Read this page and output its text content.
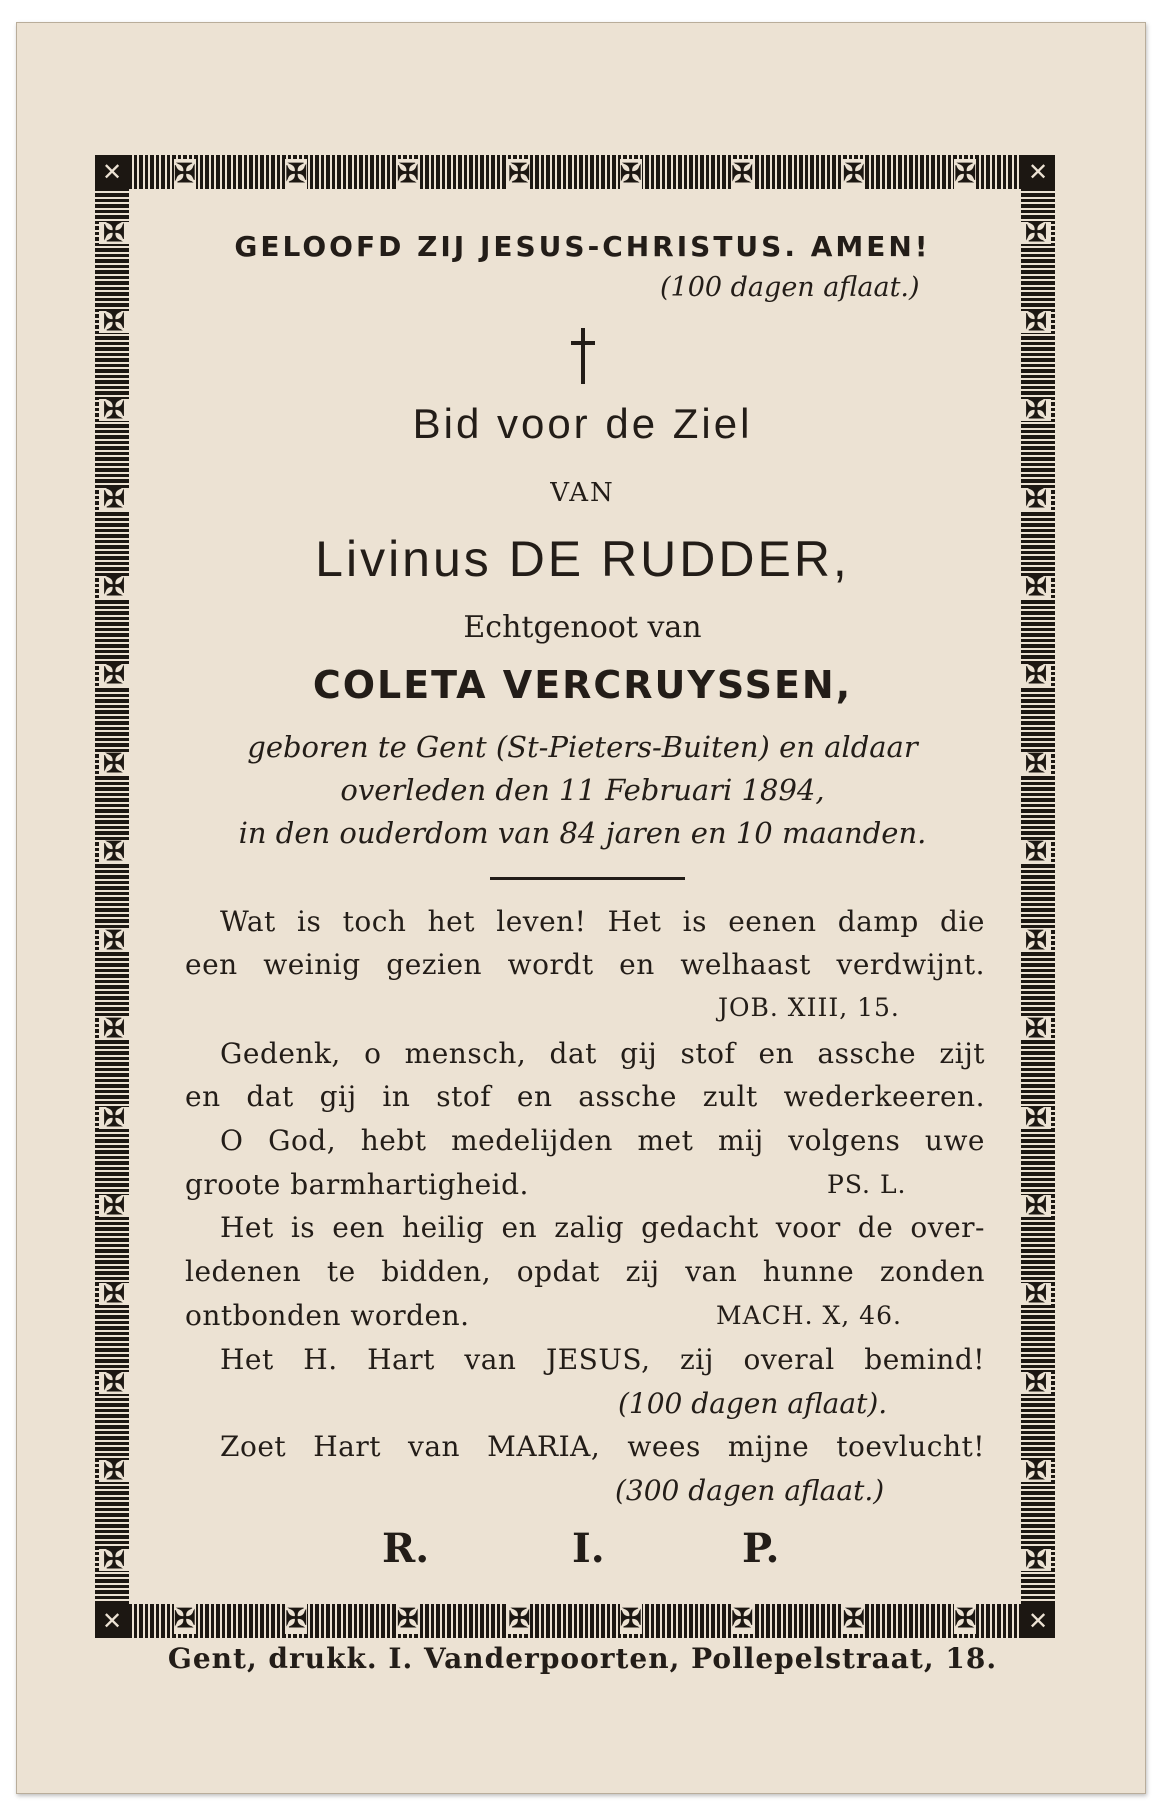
✠	✠	✠	✠	✠	✠	✠	✠
✠	✠	✠	✠	✠	✠	✠	✠
✠
✠
✠
✠
✠
✠
✠
✠
✠
✠
✠
✠
✠
✠
✠
✠
✠
✠
✠
✠
✠
✠
✠
✠
✠
✠
✠
✠
✠
✠
✠
✠
✕	✕
✕	✕
GELOOFD ZIJ JESUS-CHRISTUS. AMEN!
(100 dagen aflaat.)
Bid voor de Ziel
VAN
Livinus DE RUDDER,
Echtgenoot van
COLETA VERCRUYSSEN,
geboren te Gent (St-Pieters-Buiten) en aldaar
overleden den 11 Februari 1894,
in den ouderdom van 84 jaren en 10 maanden.
Wat is toch het leven! Het is eenen damp die
een weinig gezien wordt en welhaast verdwijnt.
JOB. XIII, 15.
Gedenk, o mensch, dat gij stof en assche zijt
en dat gij in stof en assche zult wederkeeren.
O God, hebt medelijden met mij volgens uwe
groote barmhartigheid.	PS. L.
Het is een heilig en zalig gedacht voor de over-
ledenen te bidden, opdat zij van hunne zonden
ontbonden worden.	MACH. X, 46.
Het H. Hart van JESUS, zij overal bemind!
(100 dagen aflaat).
Zoet Hart van MARIA, wees mijne toevlucht!
(300 dagen aflaat.)
R.	I.	P.
Gent, drukk. I. Vanderpoorten, Pollepelstraat, 18.
